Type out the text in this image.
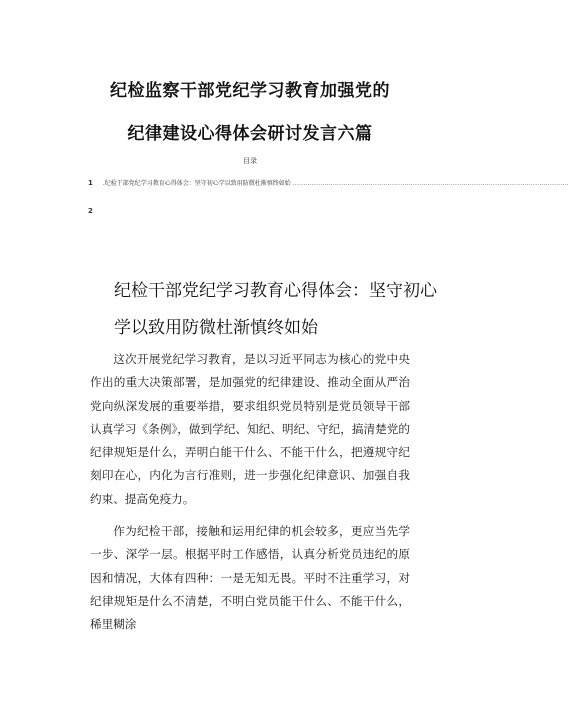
纪检监察干部党纪学习教育加强党的
纪律建设心得体会研讨发言六篇
目录
1 .纪检干部党纪学习教育心得体会：坚守初心学以致用防微杜渐慎终如始 ...................................................................................................................................
2
纪检干部党纪学习教育心得体会：坚守初心
学以致用防微杜渐慎终如始

这次开展党纪学习教育，是以习近平同志为核心的党中央作出的重大决策部署，是加强党的纪律建设、推动全面从严治党向纵深发展的重要举措，要求组织党员特别是党员领导干部认真学习《条例》，做到学纪、知纪、明纪、守纪，搞清楚党的纪律规矩是什么，弄明白能干什么、不能干什么，把遵规守纪刻印在心，内化为言行准则，进一步强化纪律意识、加强自我约束、提高免疫力。

作为纪检干部，接触和运用纪律的机会较多，更应当先学一步、深学一层。根据平时工作感悟，认真分析党员违纪的原因和情况，大体有四种：一是无知无畏。平时不注重学习，对纪律规矩是什么不清楚，不明白党员能干什么、不能干什么，稀里糊涂
